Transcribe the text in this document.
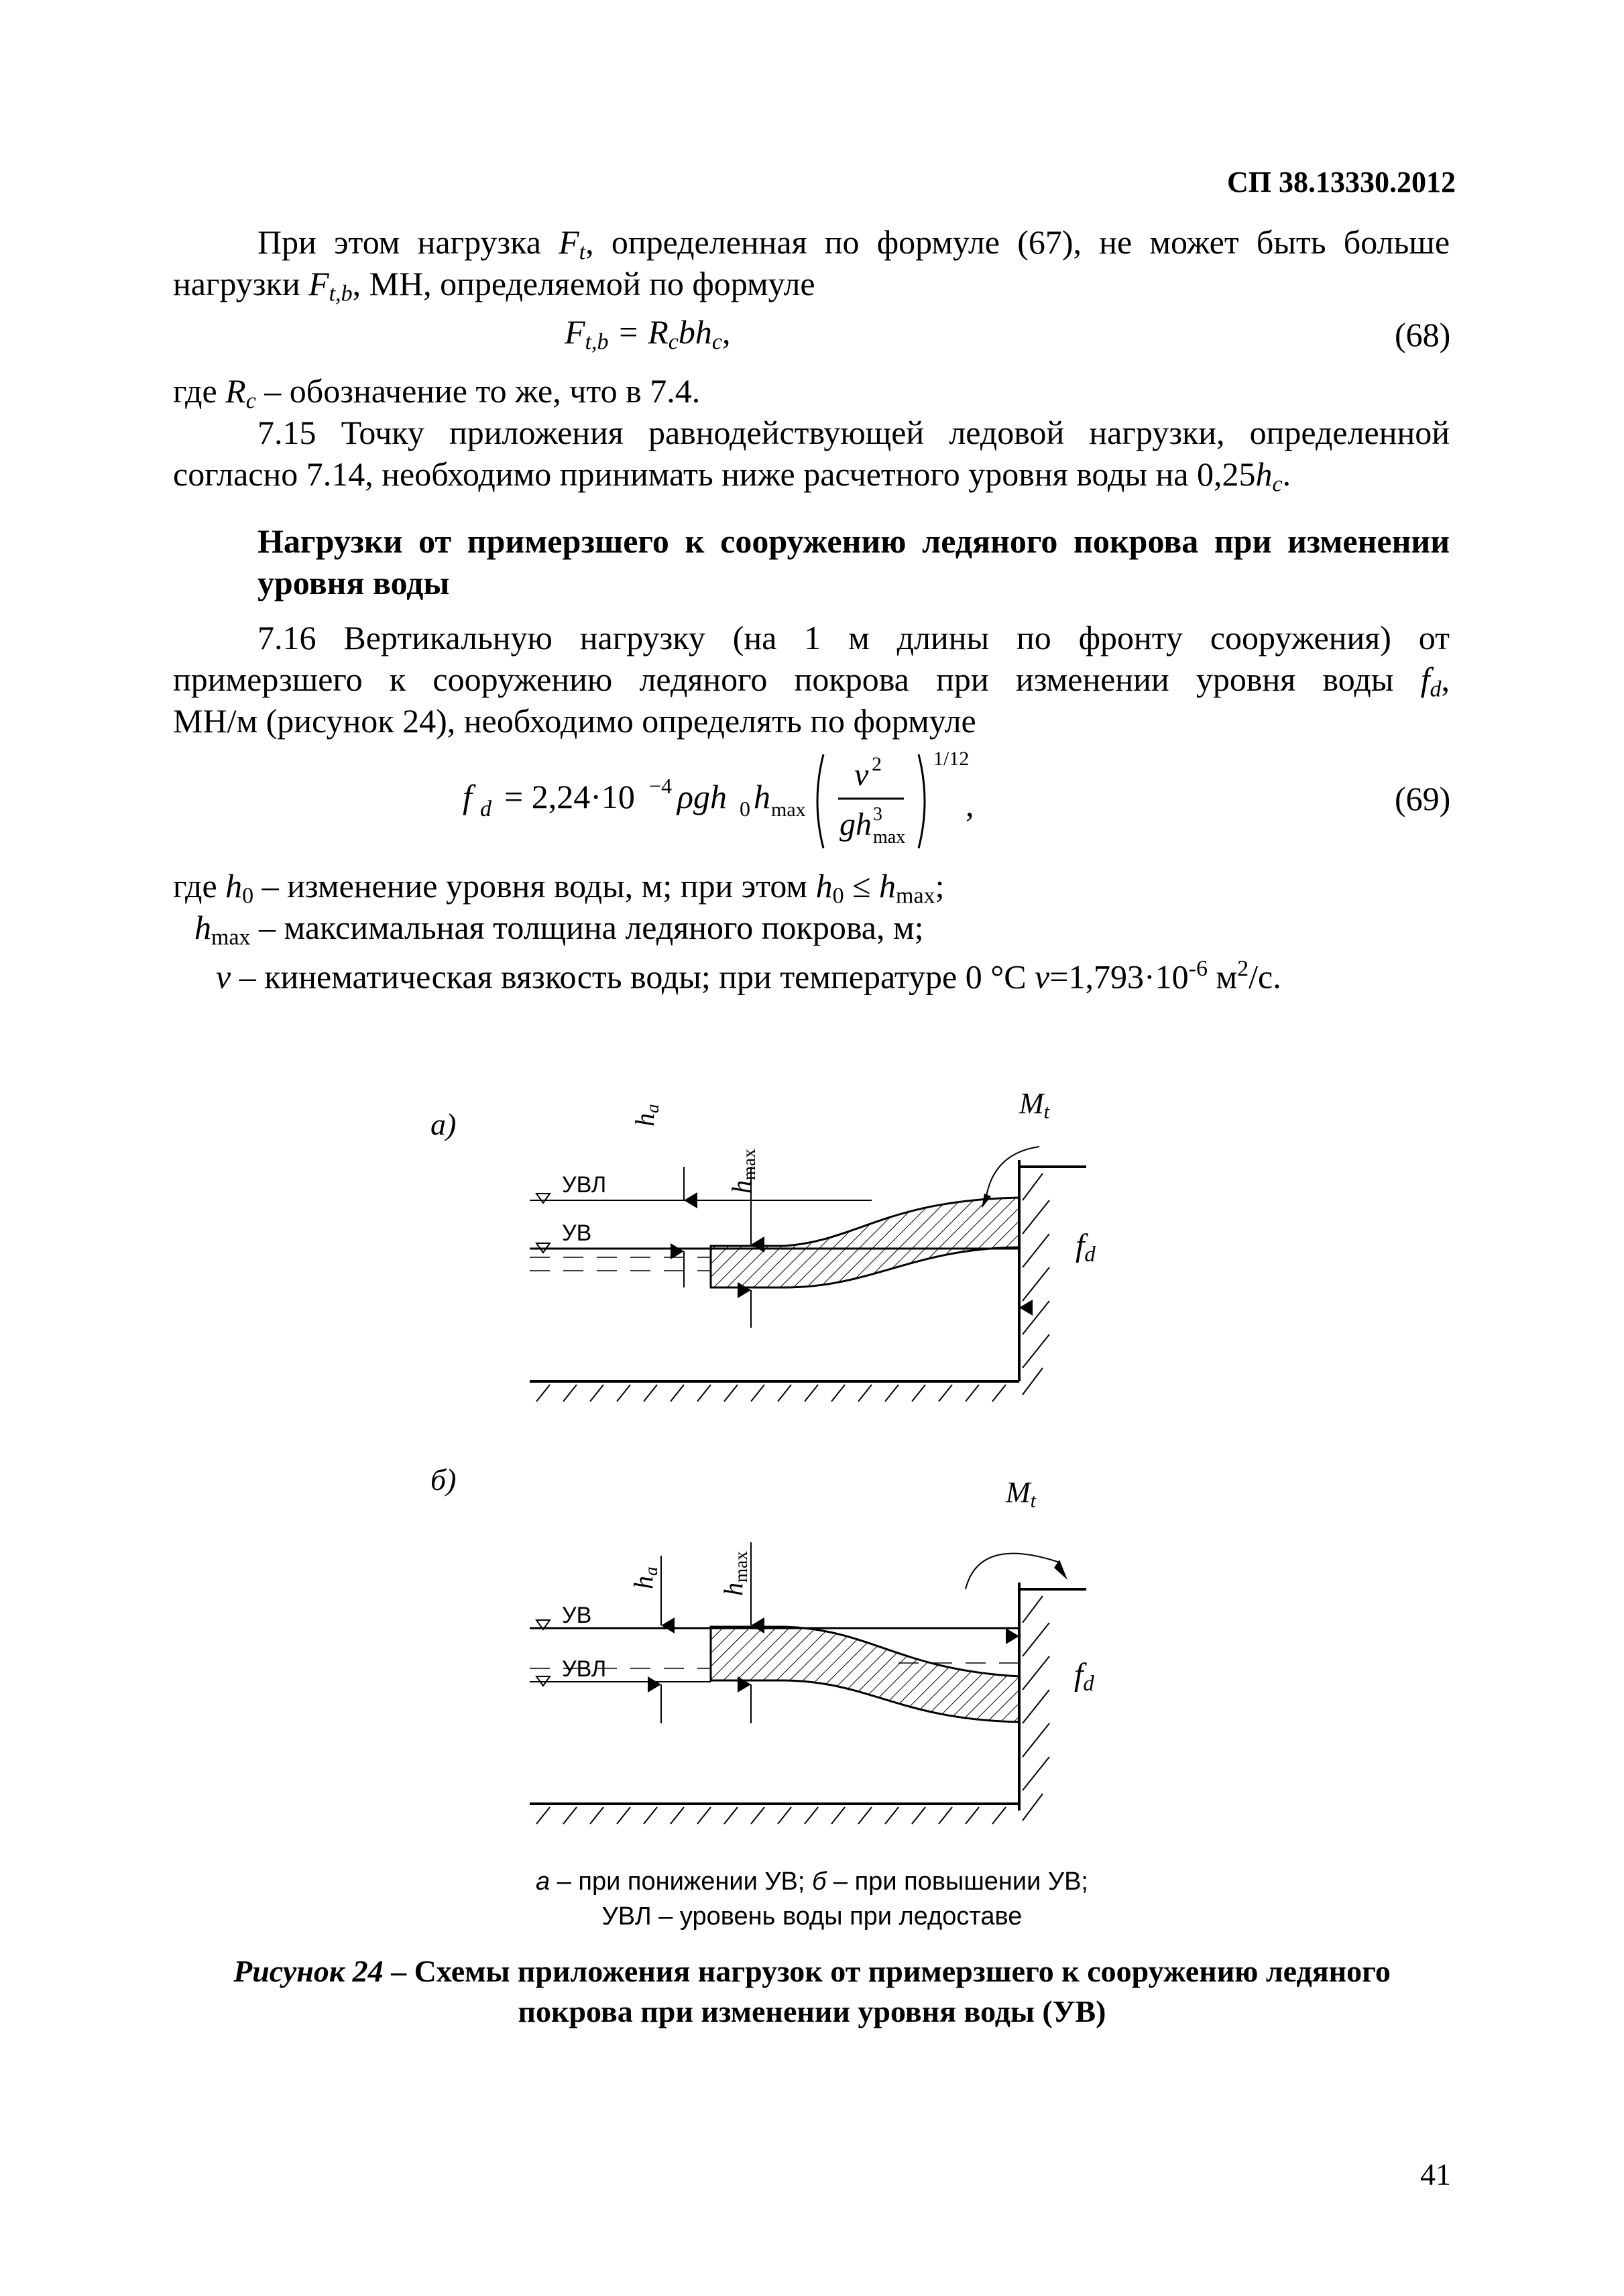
СП 38.13330.2012
При этом нагрузка $F_t$, определенная по формуле (67), не может быть больше
нагрузки $F_{t,b}$, МН, определяемой по формуле
$F_{t,b} = R_cbh_c$,	(68)
где $R_c$ – обозначение то же, что в 7.4.
7.15 Точку приложения равнодействующей ледовой нагрузки, определенной
согласно 7.14, необходимо принимать ниже расчетного уровня воды на $0,25h_c$.
Нагрузки от примерзшего к сооружению ледяного покрова при изменении
уровня воды
7.16 Вертикальную нагрузку (на 1 м длины по фронту сооружения) от
примерзшего к сооружению ледяного покрова при изменении уровня воды $f_d$,
МН/м (рисунок 24), необходимо определять по формуле
f d = 2,24·10 −4 ρgh 0 h max
v 2
gh 3
max
1/12
,	(69)
где $h_0$ – изменение уровня воды, м; при этом $h_0 \le h_{max}$;
$h_{max}$ – максимальная толщина ледяного покрова, м;
v – кинематическая вязкость воды; при температуре 0 °С $v=1,793\cdot 10^{-6}$ $м^2/с$.
а)
УВЛ
УВ
$h_a$
$h_{max}$
$M_t$
$f_d$
б)
УВ
УВЛ
$h_a$
$h_{max}$
$M_t$
$f_d$
а – при понижении УВ; б – при повышении УВ;
УВЛ – уровень воды при ледоставе
Рисунок 24 – Схемы приложения нагрузок от примерзшего к сооружению ледяного
покрова при изменении уровня воды (УВ)
41
